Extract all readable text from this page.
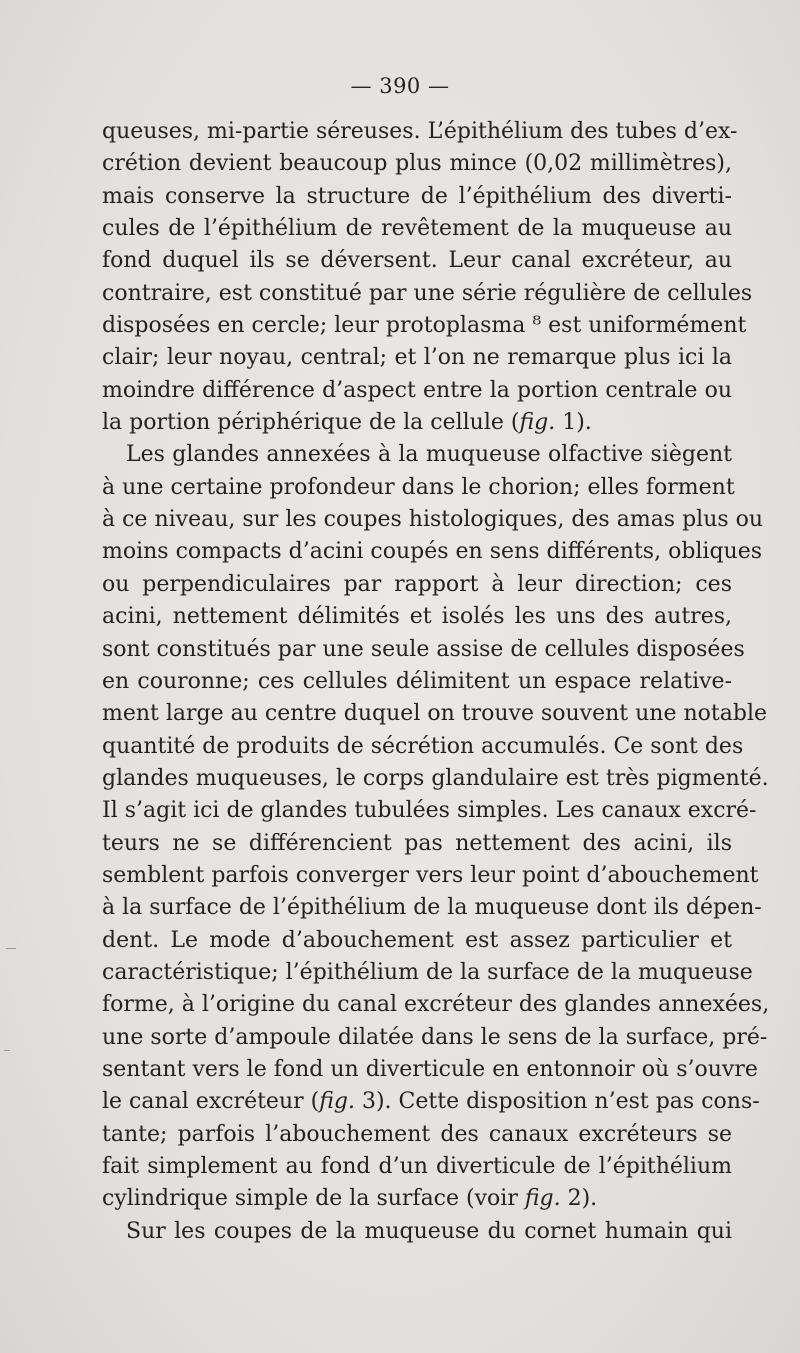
— 390 —
queuses, mi-partie séreuses. L’épithélium des tubes d’ex-
crétion devient beaucoup plus mince (0,02 millimètres),
mais conserve la structure de l’épithélium des diverti-
cules de l’épithélium de revêtement de la muqueuse au
fond duquel ils se déversent. Leur canal excréteur, au
contraire, est constitué par une série régulière de cellules
disposées en cercle; leur protoplasma ⁸ est uniformément
clair; leur noyau, central; et l’on ne remarque plus ici la
moindre différence d’aspect entre la portion centrale ou
la portion périphérique de la cellule (fig. 1).
Les glandes annexées à la muqueuse olfactive siègent
à une certaine profondeur dans le chorion; elles forment
à ce niveau, sur les coupes histologiques, des amas plus ou
moins compacts d’acini coupés en sens différents, obliques
ou perpendiculaires par rapport à leur direction; ces
acini, nettement délimités et isolés les uns des autres,
sont constitués par une seule assise de cellules disposées
en couronne; ces cellules délimitent un espace relative-
ment large au centre duquel on trouve souvent une notable
quantité de produits de sécrétion accumulés. Ce sont des
glandes muqueuses, le corps glandulaire est très pigmenté.
Il s’agit ici de glandes tubulées simples. Les canaux excré-
teurs ne se différencient pas nettement des acini, ils
semblent parfois converger vers leur point d’abouchement
à la surface de l’épithélium de la muqueuse dont ils dépen-
dent. Le mode d’abouchement est assez particulier et
caractéristique; l’épithélium de la surface de la muqueuse
forme, à l’origine du canal excréteur des glandes annexées,
une sorte d’ampoule dilatée dans le sens de la surface, pré-
sentant vers le fond un diverticule en entonnoir où s’ouvre
le canal excréteur (fig. 3). Cette disposition n’est pas cons-
tante; parfois l’abouchement des canaux excréteurs se
fait simplement au fond d’un diverticule de l’épithélium
cylindrique simple de la surface (voir fig. 2).
Sur les coupes de la muqueuse du cornet humain qui
